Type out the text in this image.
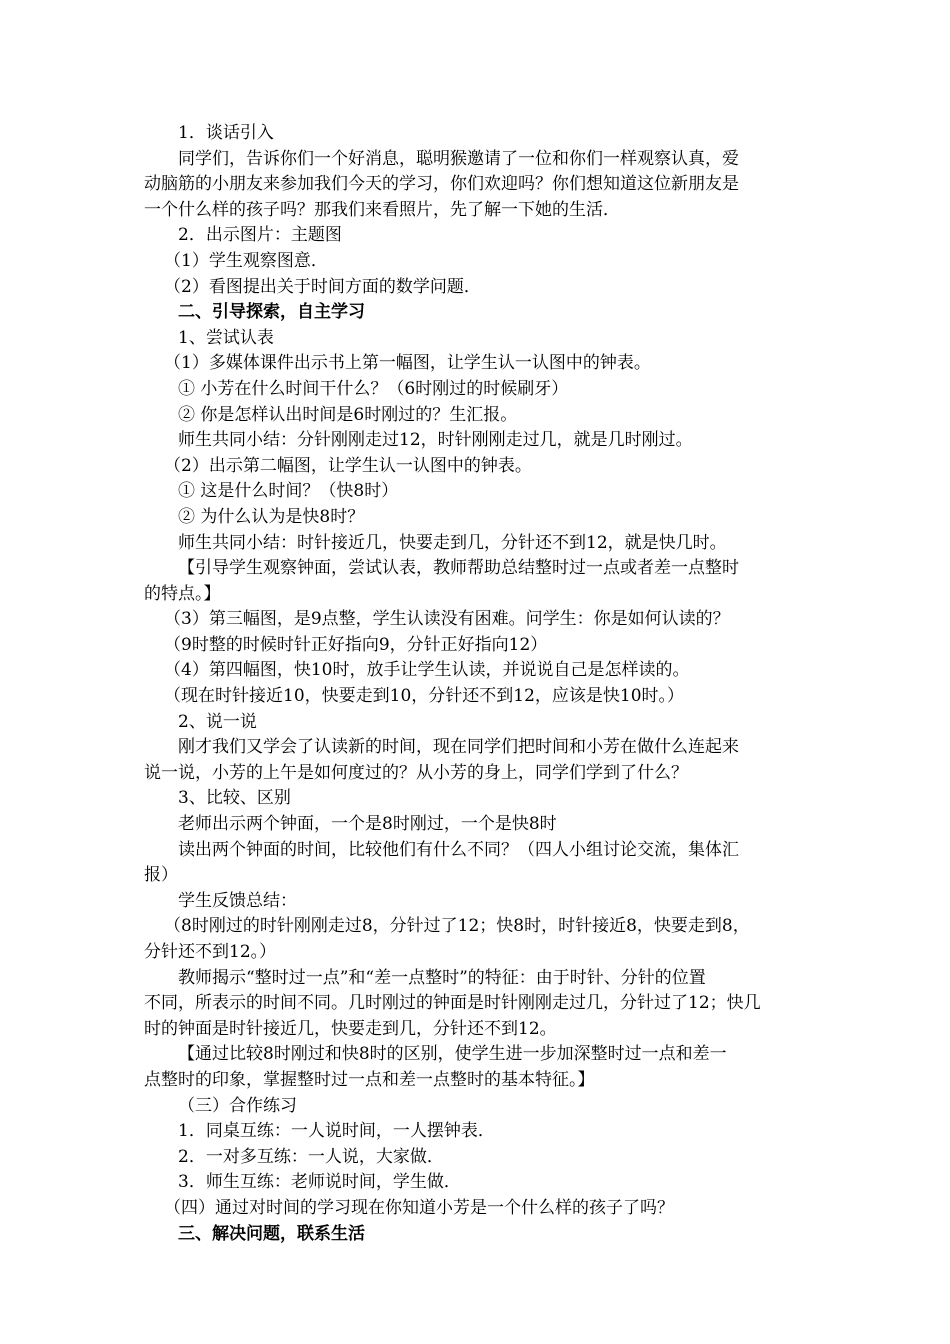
1．谈话引入

同学们，告诉你们一个好消息，聪明猴邀请了一位和你们一样观察认真，爱

动脑筋的小朋友来参加我们今天的学习，你们欢迎吗？你们想知道这位新朋友是

一个什么样的孩子吗？那我们来看照片，先了解一下她的生活．

2．出示图片：主题图

（1）学生观察图意．

（2）看图提出关于时间方面的数学问题．

二、引导探索，自主学习

1、尝试认表

（1）多媒体课件出示书上第一幅图，让学生认一认图中的钟表。

① 小芳在什么时间干什么？（6时刚过的时候刷牙）

② 你是怎样认出时间是6时刚过的？生汇报。

师生共同小结：分针刚刚走过12，时针刚刚走过几，就是几时刚过。

（2）出示第二幅图，让学生认一认图中的钟表。

① 这是什么时间？（快8时）

② 为什么认为是快8时？

师生共同小结：时针接近几，快要走到几，分针还不到12，就是快几时。

【引导学生观察钟面，尝试认表，教师帮助总结整时过一点或者差一点整时

的特点。】

（3）第三幅图，是9点整，学生认读没有困难。问学生：你是如何认读的？

（9时整的时候时针正好指向9，分针正好指向12）

（4）第四幅图，快10时，放手让学生认读，并说说自己是怎样读的。

（现在时针接近10，快要走到10，分针还不到12，应该是快10时。）

2、说一说

刚才我们又学会了认读新的时间，现在同学们把时间和小芳在做什么连起来

说一说，小芳的上午是如何度过的？从小芳的身上，同学们学到了什么？

3、比较、区别

老师出示两个钟面，一个是8时刚过，一个是快8时

读出两个钟面的时间，比较他们有什么不同？（四人小组讨论交流，集体汇

报）

学生反馈总结：

（8时刚过的时针刚刚走过8，分针过了12；快8时，时针接近8，快要走到8，

分针还不到12。）

教师揭示“整时过一点”和“差一点整时”的特征：由于时针、分针的位置

不同，所表示的时间不同。几时刚过的钟面是时针刚刚走过几，分针过了12；快几

时的钟面是时针接近几，快要走到几，分针还不到12。

【通过比较8时刚过和快8时的区别，使学生进一步加深整时过一点和差一

点整时的印象，掌握整时过一点和差一点整时的基本特征。】

（三）合作练习

1．同桌互练：一人说时间，一人摆钟表．

2．一对多互练：一人说，大家做．

3．师生互练：老师说时间，学生做．

（四）通过对时间的学习现在你知道小芳是一个什么样的孩子了吗？

三、解决问题，联系生活
